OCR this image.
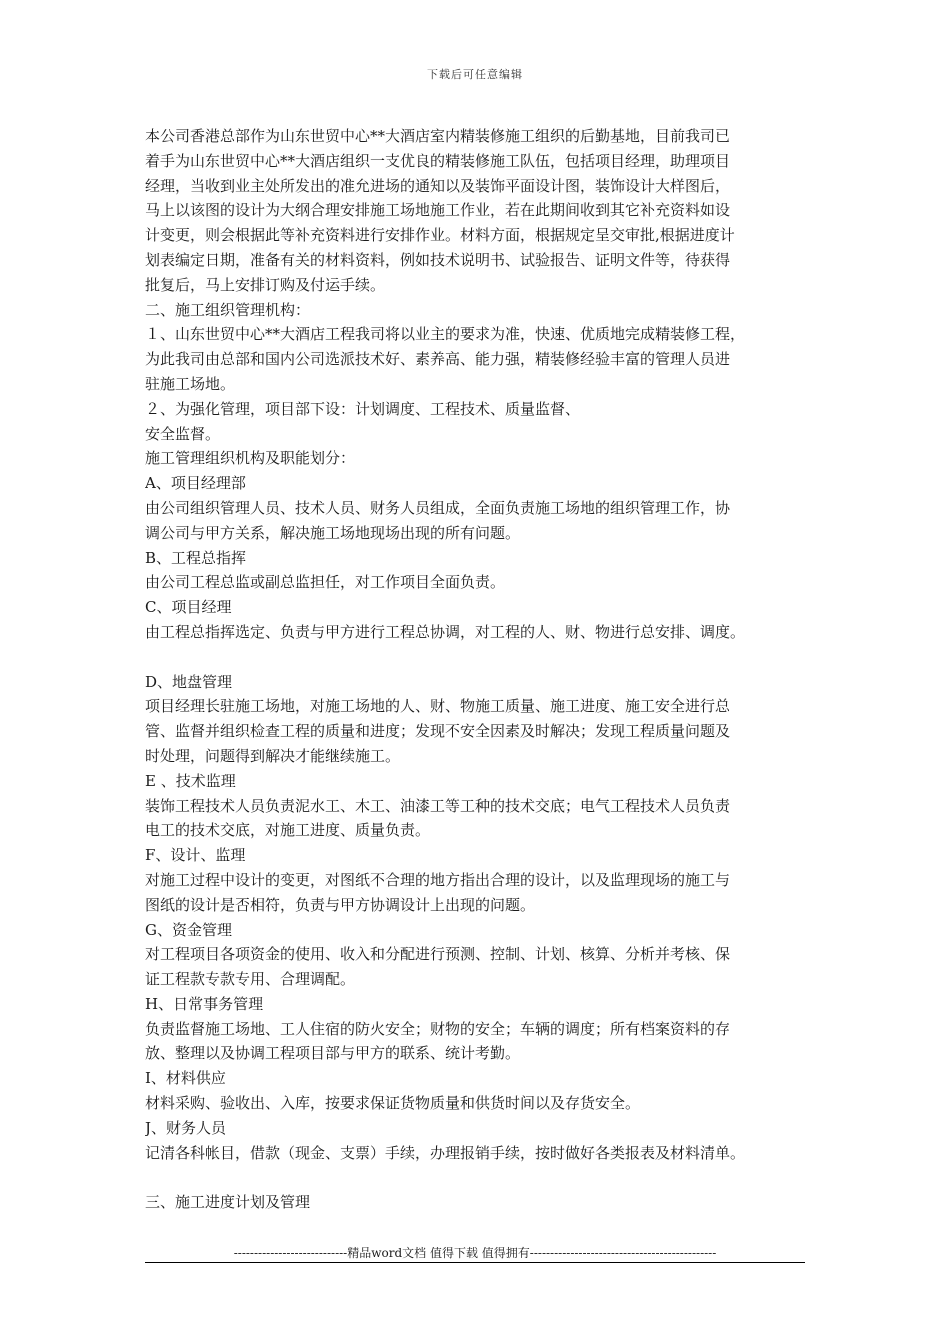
下载后可任意编辑
本公司香港总部作为山东世贸中心**大酒店室内精装修施工组织的后勤基地，目前我司已
着手为山东世贸中心**大酒店组织一支优良的精装修施工队伍，包括项目经理，助理项目
经理，当收到业主处所发出的准允进场的通知以及装饰平面设计图，装饰设计大样图后，
马上以该图的设计为大纲合理安排施工场地施工作业，若在此期间收到其它补充资料如设
计变更，则会根据此等补充资料进行安排作业。材料方面，根据规定呈交审批,根据进度计
划表编定日期，准备有关的材料资料，例如技术说明书、试验报告、证明文件等，待获得
批复后，马上安排订购及付运手续。
二、施工组织管理机构：
１、山东世贸中心**大酒店工程我司将以业主的要求为准，快速、优质地完成精装修工程，
为此我司由总部和国内公司选派技术好、素养高、能力强，精装修经验丰富的管理人员进
驻施工场地。
２、为强化管理，项目部下设：计划调度、工程技术、质量监督、
安全监督。
施工管理组织机构及职能划分：
A、项目经理部
由公司组织管理人员、技术人员、财务人员组成，全面负责施工场地的组织管理工作，协
调公司与甲方关系，解决施工场地现场出现的所有问题。
B、工程总指挥
由公司工程总监或副总监担任，对工作项目全面负责。
C、项目经理
由工程总指挥选定、负责与甲方进行工程总协调，对工程的人、财、物进行总安排、调度。
D、地盘管理
项目经理长驻施工场地，对施工场地的人、财、物施工质量、施工进度、施工安全进行总
管、监督并组织检查工程的质量和进度；发现不安全因素及时解决；发现工程质量问题及
时处理，问题得到解决才能继续施工。
E 、技术监理
装饰工程技术人员负责泥水工、木工、油漆工等工种的技术交底；电气工程技术人员负责
电工的技术交底，对施工进度、质量负责。
F、设计、监理
对施工过程中设计的变更，对图纸不合理的地方指出合理的设计，以及监理现场的施工与
图纸的设计是否相符，负责与甲方协调设计上出现的问题。
G、资金管理
对工程项目各项资金的使用、收入和分配进行预测、控制、计划、核算、分析并考核、保
证工程款专款专用、合理调配。
H、日常事务管理
负责监督施工场地、工人住宿的防火安全；财物的安全；车辆的调度；所有档案资料的存
放、整理以及协调工程项目部与甲方的联系、统计考勤。
I、材料供应
材料采购、验收出、入库，按要求保证货物质量和供货时间以及存货安全。
J、财务人员
记清各科帐目，借款（现金、支票）手续，办理报销手续，按时做好各类报表及材料清单。
三、施工进度计划及管理
----------------------------精品word文档 值得下载 值得拥有----------------------------------------------
